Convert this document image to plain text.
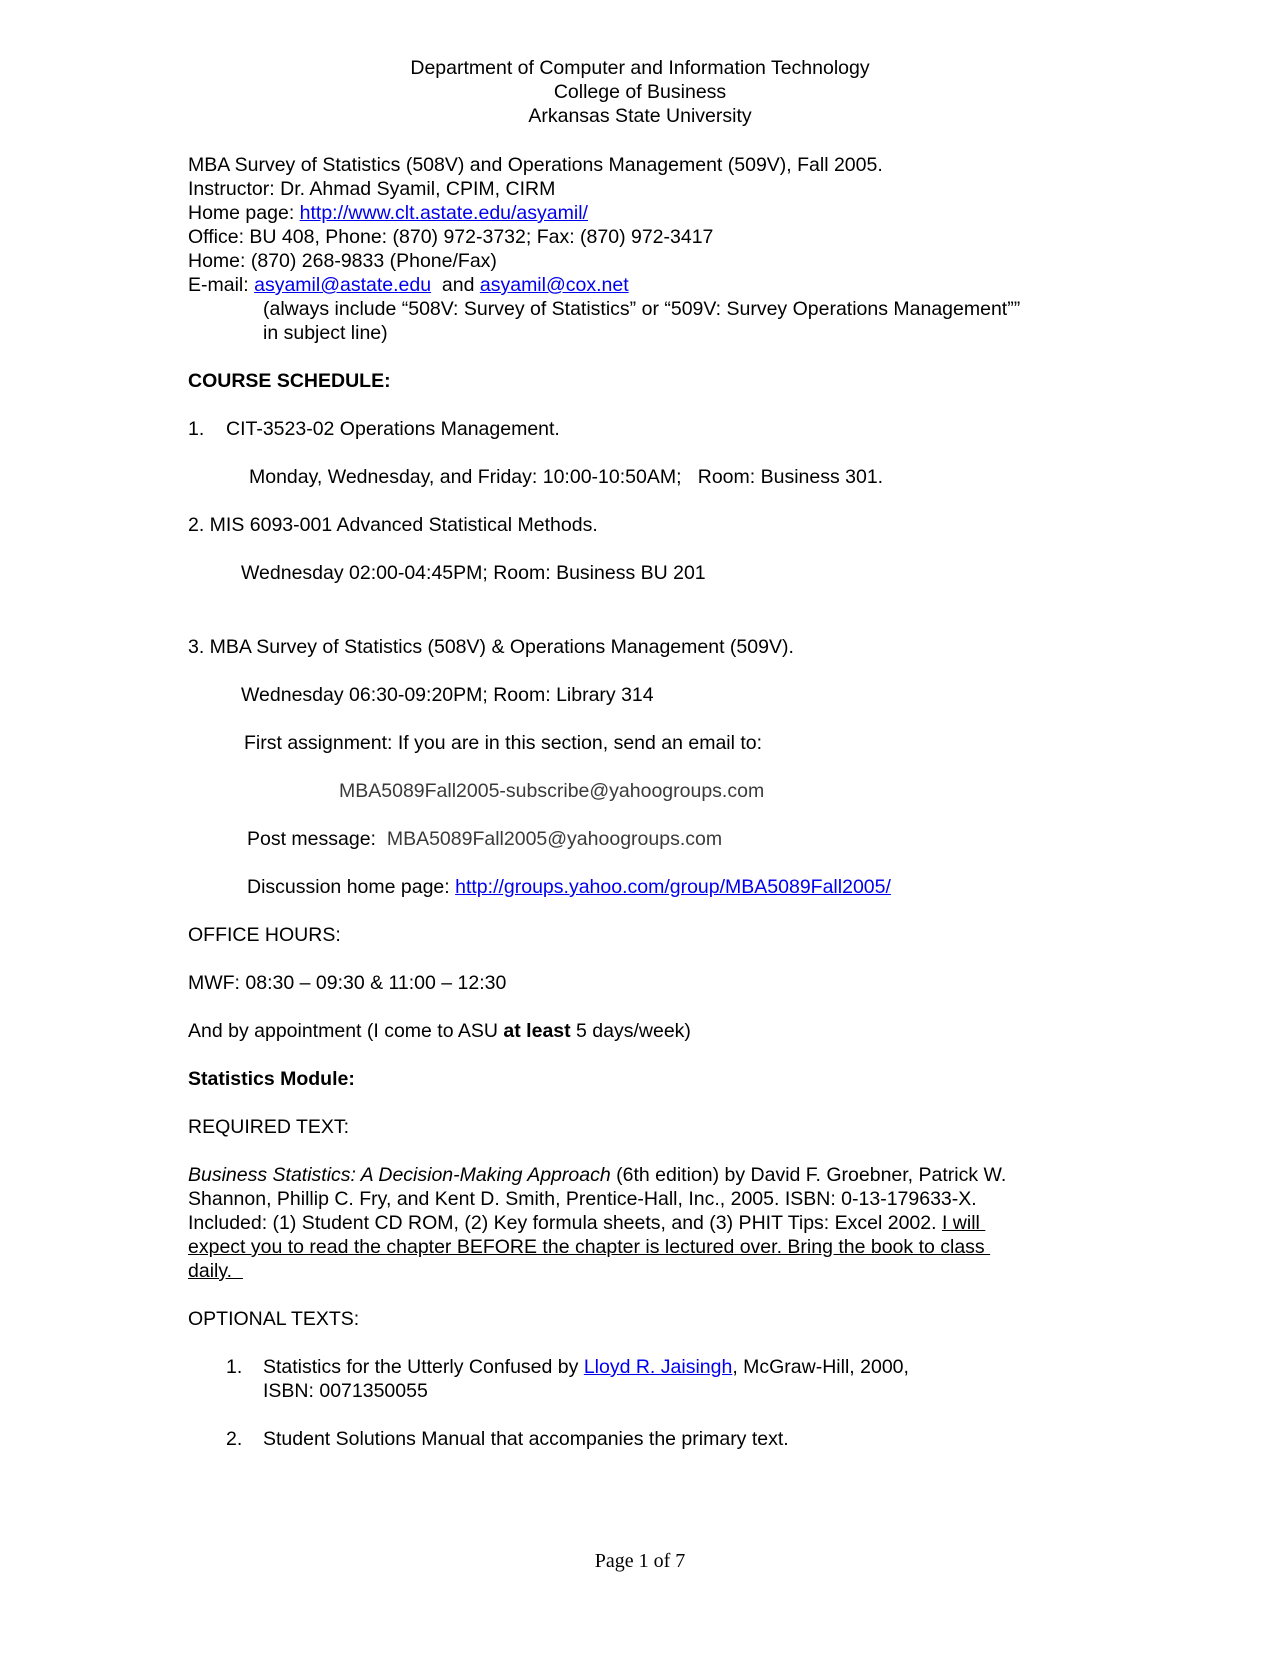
Department of Computer and Information Technology
College of Business
Arkansas State University
MBA Survey of Statistics (508V) and Operations Management (509V), Fall 2005.
Instructor: Dr. Ahmad Syamil, CPIM, CIRM
Home page: http://www.clt.astate.edu/asyamil/
Office: BU 408, Phone: (870) 972-3732; Fax: (870) 972-3417
Home: (870) 268-9833 (Phone/Fax)
E-mail: asyamil@astate.edu and asyamil@cox.net
(always include “508V: Survey of Statistics” or “509V: Survey Operations Management””
in subject line)
COURSE SCHEDULE:
1. CIT-3523-02 Operations Management.
Monday, Wednesday, and Friday: 10:00-10:50AM;   Room: Business 301.
2. MIS 6093-001 Advanced Statistical Methods.
Wednesday 02:00-04:45PM; Room: Business BU 201
3. MBA Survey of Statistics (508V) & Operations Management (509V).
Wednesday 06:30-09:20PM; Room: Library 314
First assignment: If you are in this section, send an email to:
MBA5089Fall2005-subscribe@yahoogroups.com
Post message: MBA5089Fall2005@yahoogroups.com
Discussion home page: http://groups.yahoo.com/group/MBA5089Fall2005/
OFFICE HOURS:
MWF: 08:30 – 09:30 & 11:00 – 12:30
And by appointment (I come to ASU at least 5 days/week)
Statistics Module:
REQUIRED TEXT:
Business Statistics: A Decision-Making Approach (6th edition) by David F. Groebner, Patrick W.
Shannon, Phillip C. Fry, and Kent D. Smith, Prentice-Hall, Inc., 2005. ISBN: 0-13-179633-X.
Included: (1) Student CD ROM, (2) Key formula sheets, and (3) PHIT Tips: Excel 2002. I will
expect you to read the chapter BEFORE the chapter is lectured over. Bring the book to class
daily.
OPTIONAL TEXTS:
1. Statistics for the Utterly Confused by Lloyd R. Jaisingh, McGraw-Hill, 2000,
ISBN: 0071350055
2. Student Solutions Manual that accompanies the primary text.
Page 1 of 7
